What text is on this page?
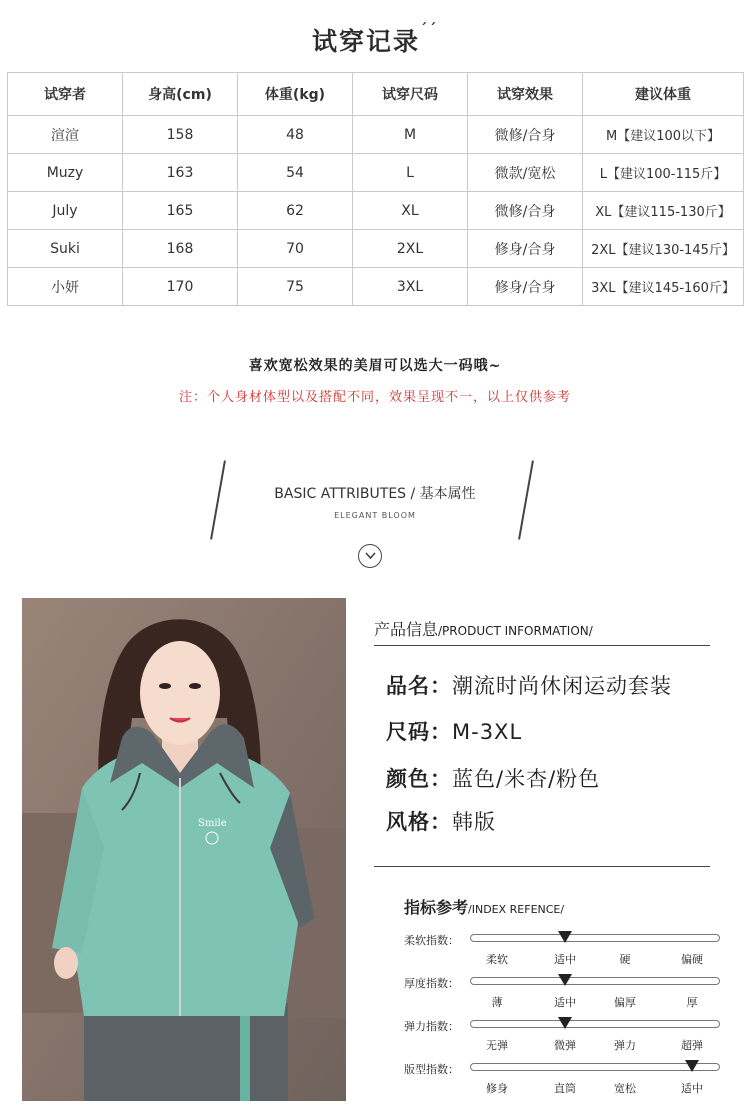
试穿记录$^{ˊˊ}$
试穿者	身高(cm)	体重(kg)	试穿尺码	试穿效果	建议体重
渲渲	158	48	M	微修/合身	M【建议100以下】
Muzy	163	54	L	微款/宽松	L【建议100-115斤】
July	165	62	XL	微修/合身	XL【建议115-130斤】
Suki	168	70	2XL	修身/合身	2XL【建议130-145斤】
小妍	170	75	3XL	修身/合身	3XL【建议145-160斤】
喜欢宽松效果的美眉可以选大一码哦~
注：个人身材体型以及搭配不同，效果呈现不一，以上仅供参考
BASIC ATTRIBUTES / 基本属性
ELEGANT BLOOM
Smile
产品信息/PRODUCT INFORMATION/
品名：潮流时尚休闲运动套装
尺码：M-3XL
颜色：蓝色/米杏/粉色
风格：韩版
指标参考/INDEX REFENCE/
柔软指数：
柔软	适中	硬	偏硬
厚度指数：
薄	适中	偏厚	厚
弹力指数：
无弹	微弹	弹力	超弹
版型指数：
修身	直筒	宽松	适中
